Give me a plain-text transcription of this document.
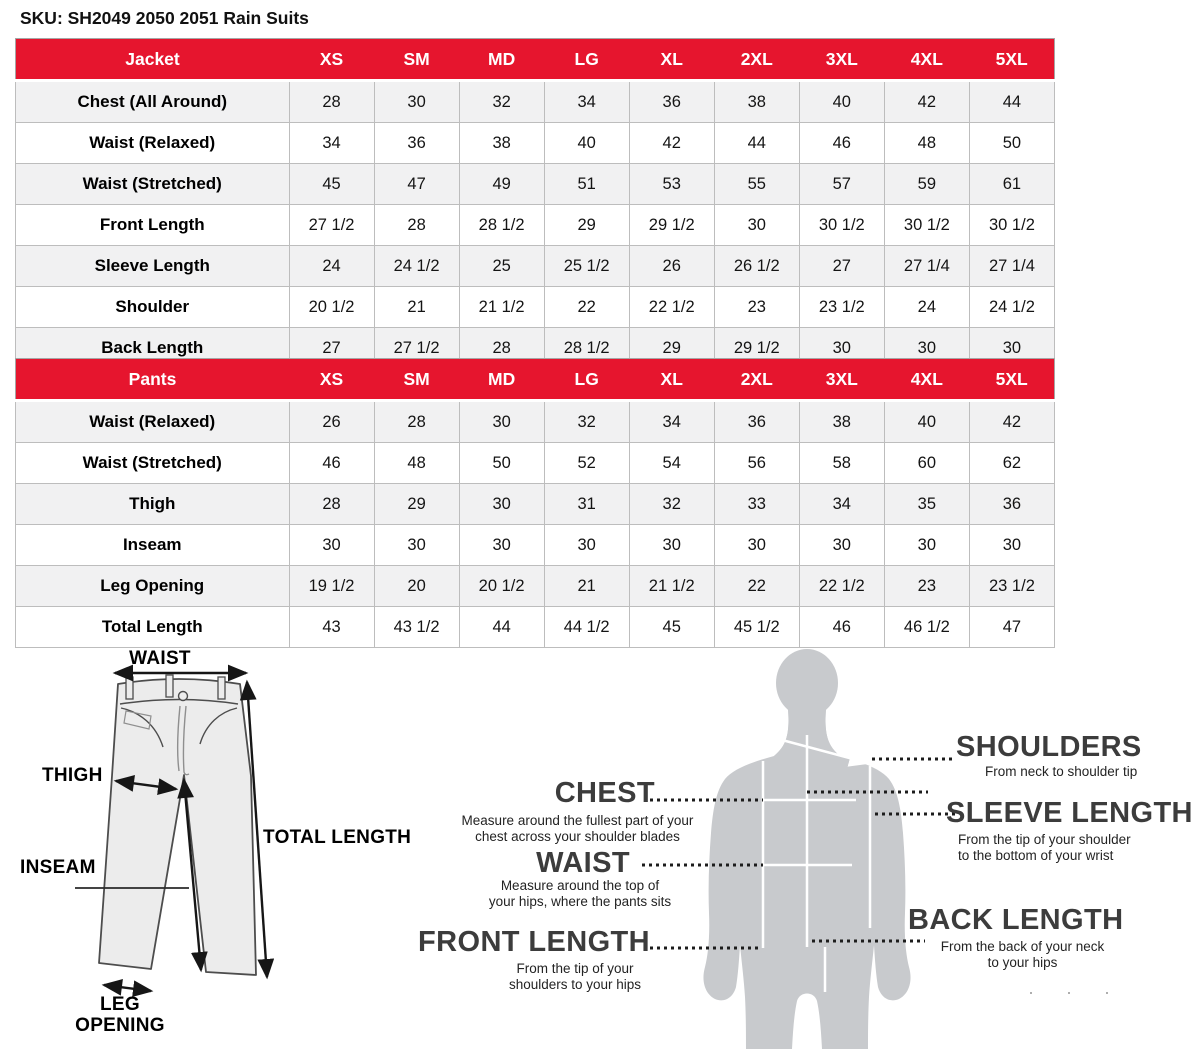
SKU: SH2049 2050 2051 Rain Suits
Jacket	XS	SM	MD	LG	XL	2XL	3XL	4XL	5XL
Chest (All Around)	28	30	32	34	36	38	40	42	44
Waist (Relaxed)	34	36	38	40	42	44	46	48	50
Waist (Stretched)	45	47	49	51	53	55	57	59	61
Front Length	27 1/2	28	28 1/2	29	29 1/2	30	30 1/2	30 1/2	30 1/2
Sleeve Length	24	24 1/2	25	25 1/2	26	26 1/2	27	27 1/4	27 1/4
Shoulder	20 1/2	21	21 1/2	22	22 1/2	23	23 1/2	24	24 1/2
Back Length	27	27 1/2	28	28 1/2	29	29 1/2	30	30	30
Pants	XS	SM	MD	LG	XL	2XL	3XL	4XL	5XL
Waist (Relaxed)	26	28	30	32	34	36	38	40	42
Waist (Stretched)	46	48	50	52	54	56	58	60	62
Thigh	28	29	30	31	32	33	34	35	36
Inseam	30	30	30	30	30	30	30	30	30
Leg Opening	19 1/2	20	20 1/2	21	21 1/2	22	22 1/2	23	23 1/2
Total Length	43	43 1/2	44	44 1/2	45	45 1/2	46	46 1/2	47
WAIST
THIGH
TOTAL LENGTH
INSEAM
LEG
OPENING
CHEST
Measure around the fullest part of your
chest across your shoulder blades
WAIST
Measure around the top of
your hips, where the pants sits
FRONT LENGTH
From the tip of your
shoulders to your hips
SHOULDERS
From neck to shoulder tip
SLEEVE LENGTH
From the tip of your shoulder
to the bottom of your wrist
BACK LENGTH
From the back of your neck
to your hips
